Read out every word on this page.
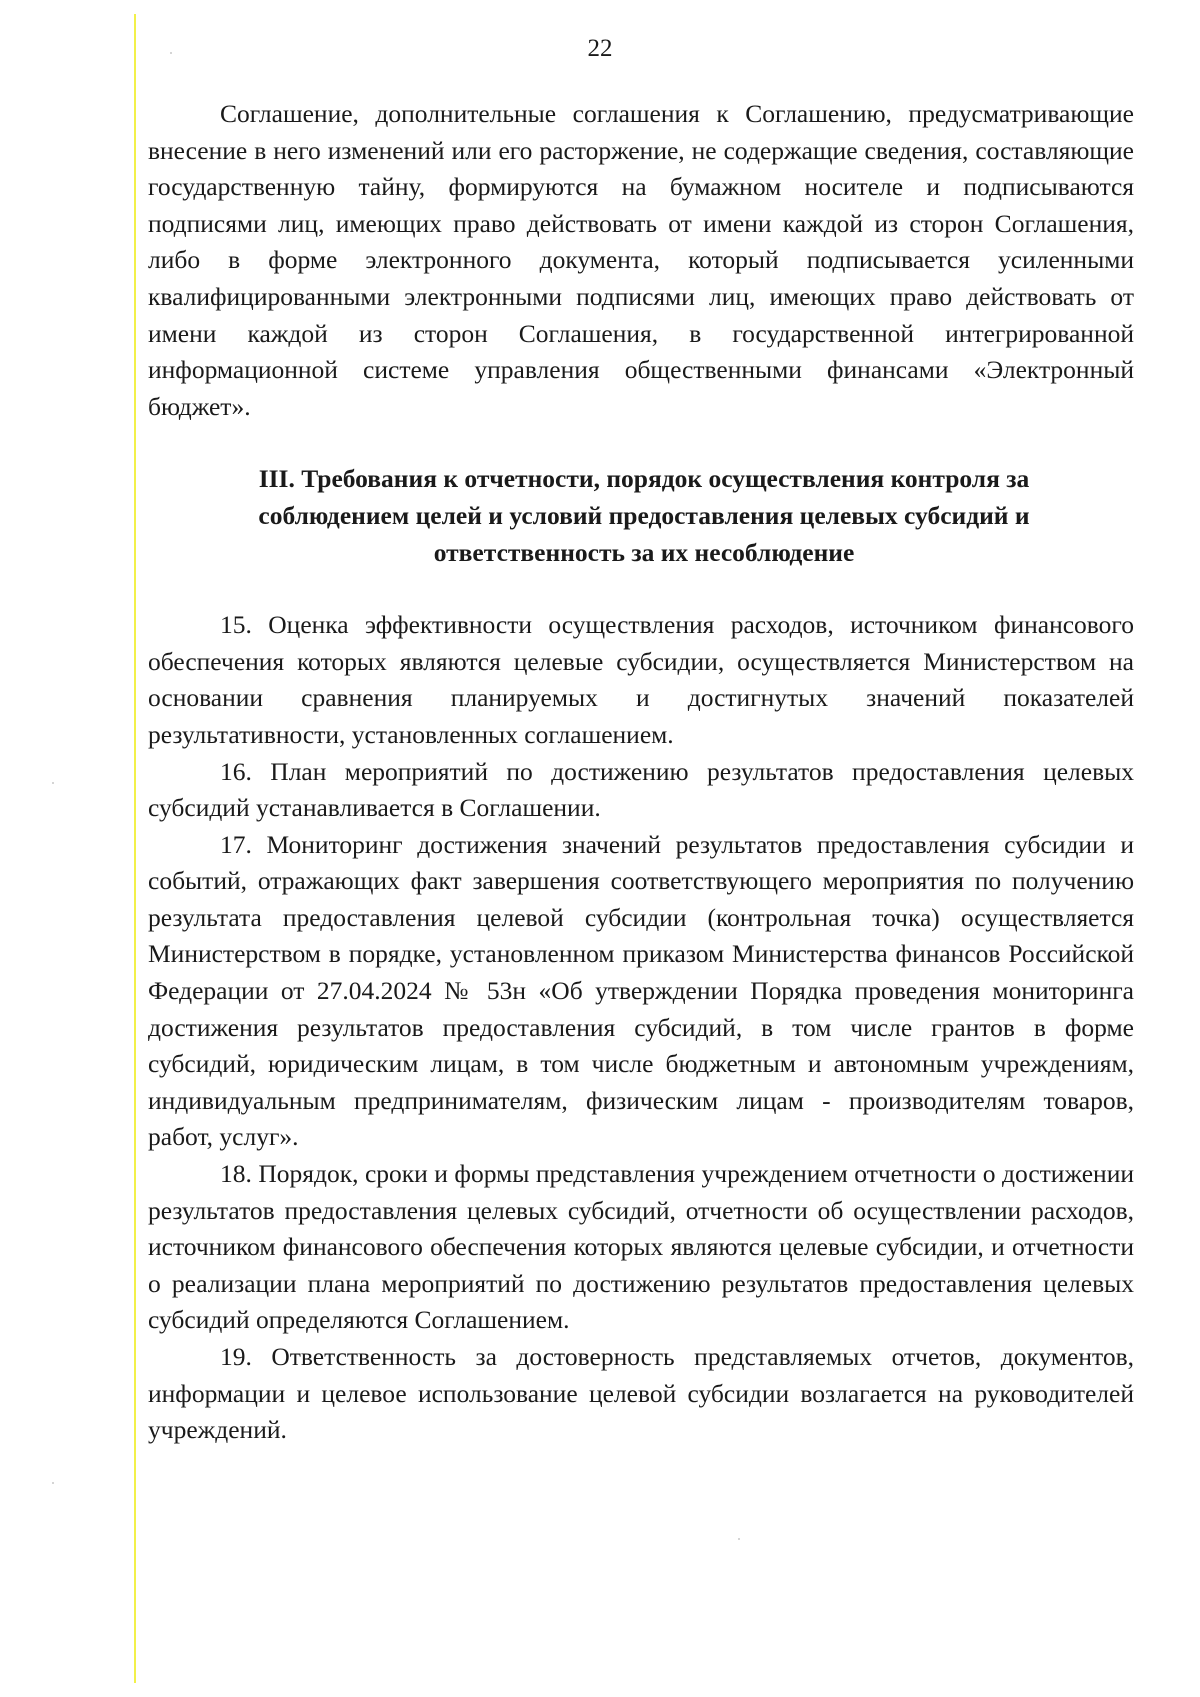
22

Соглашение, дополнительные соглашения к Соглашению, предусматривающие внесение в него изменений или его расторжение, не содержащие сведения, составляющие государственную тайну, формируются на бумажном носителе и подписываются подписями лиц, имеющих право действовать от имени каждой из сторон Соглашения, либо в форме электронного документа, который подписывается усиленными квалифицированными электронными подписями лиц, имеющих право действовать от имени каждой из сторон Соглашения, в государственной интегрированной информационной системе управления общественными финансами «Электронный бюджет».

III. Требования к отчетности, порядок осуществления контроля за
соблюдением целей и условий предоставления целевых субсидий и
ответственность за их несоблюдение

15. Оценка эффективности осуществления расходов, источником финансового обеспечения которых являются целевые субсидии, осуществляется Министерством на основании сравнения планируемых и достигнутых значений показателей результативности, установленных соглашением.

16. План мероприятий по достижению результатов предоставления целевых субсидий устанавливается в Соглашении.

17. Мониторинг достижения значений результатов предоставления субсидии и событий, отражающих факт завершения соответствующего мероприятия по получению результата предоставления целевой субсидии (контрольная точка) осуществляется Министерством в порядке, установленном приказом Министерства финансов Российской Федерации от 27.04.2024 № 53н «Об утверждении Порядка проведения мониторинга достижения результатов предоставления субсидий, в том числе грантов в форме субсидий, юридическим лицам, в том числе бюджетным и автономным учреждениям, индивидуальным предпринимателям, физическим лицам - производителям товаров, работ, услуг».

18. Порядок, сроки и формы представления учреждением отчетности о достижении результатов предоставления целевых субсидий, отчетности об осуществлении расходов, источником финансового обеспечения которых являются целевые субсидии, и отчетности о реализации плана мероприятий по достижению результатов предоставления целевых субсидий определяются Соглашением.

19. Ответственность за достоверность представляемых отчетов, документов, информации и целевое использование целевой субсидии возлагается на руководителей учреждений.
